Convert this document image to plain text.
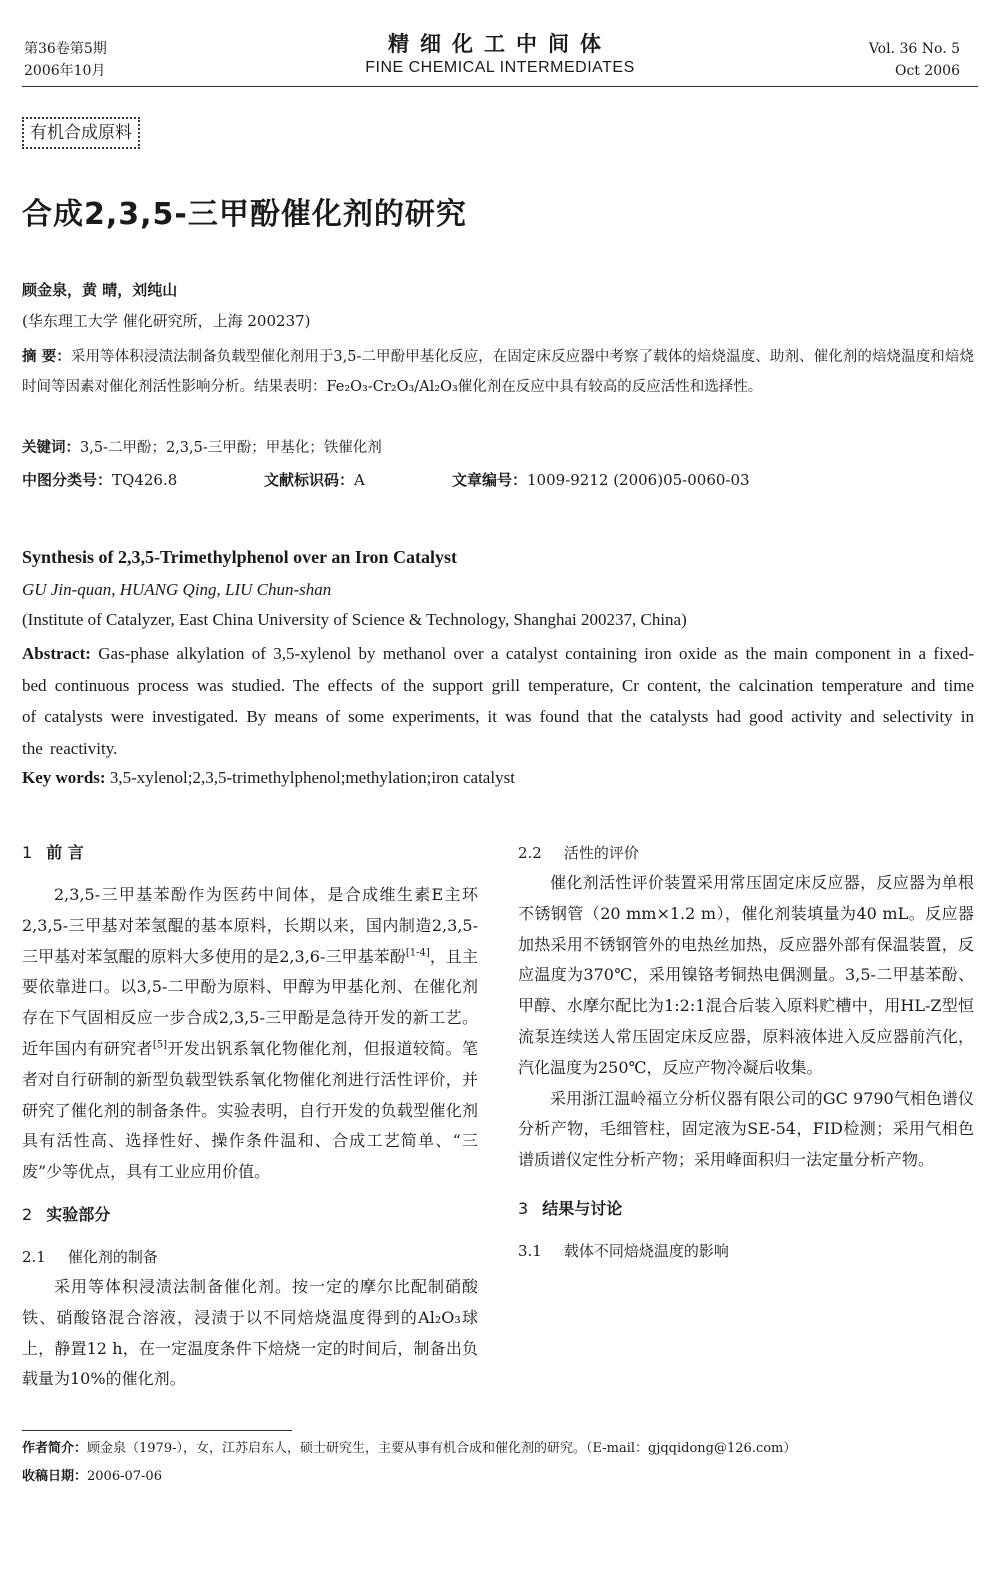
第36卷第5期
2006年10月
精细化工中间体
FINE CHEMICAL INTERMEDIATES
Vol. 36 No. 5
Oct 2006
有机合成原料
合成2,3,5-三甲酚催化剂的研究
顾金泉，黄 晴，刘纯山
(华东理工大学 催化研究所，上海 200237)
摘 要：采用等体积浸渍法制备负载型催化剂用于3,5-二甲酚甲基化反应，在固定床反应器中考察了载体的焙烧温度、助剂、催化剂的焙烧温度和焙烧时间等因素对催化剂活性影响分析。结果表明：Fe₂O₃-Cr₂O₃/Al₂O₃催化剂在反应中具有较高的反应活性和选择性。
关键词：3,5-二甲酚；2,3,5-三甲酚；甲基化；铁催化剂
中图分类号：TQ426.8	文献标识码：A	文章编号：1009-9212 (2006)05-0060-03
Synthesis of 2,3,5-Trimethylphenol over an Iron Catalyst
GU Jin-quan, HUANG Qing, LIU Chun-shan
(Institute of Catalyzer, East China University of Science & Technology, Shanghai 200237, China)
Abstract: Gas-phase alkylation of 3,5-xylenol by methanol over a catalyst containing iron oxide as the main component in a fixed-bed continuous process was studied. The effects of the support grill temperature, Cr content, the calcination temperature and time of catalysts were investigated. By means of some experiments, it was found that the catalysts had good activity and selectivity in the reactivity.
Key words: 3,5-xylenol;2,3,5-trimethylphenol;methylation;iron catalyst
1 前 言

2,3,5-三甲基苯酚作为医药中间体，是合成维生素E主环2,3,5-三甲基对苯氢醌的基本原料，长期以来，国内制造2,3,5-三甲基对苯氢醌的原料大多使用的是2,3,6-三甲基苯酚[1-4]，且主要依靠进口。以3,5-二甲酚为原料、甲醇为甲基化剂、在催化剂存在下气固相反应一步合成2,3,5-三甲酚是急待开发的新工艺。近年国内有研究者[5]开发出钒系氧化物催化剂，但报道较简。笔者对自行研制的新型负载型铁系氧化物催化剂进行活性评价，并研究了催化剂的制备条件。实验表明，自行开发的负载型催化剂具有活性高、选择性好、操作条件温和、合成工艺简单、“三废”少等优点，具有工业应用价值。

2 实验部分
2.1 催化剂的制备

采用等体积浸渍法制备催化剂。按一定的摩尔比配制硝酸铁、硝酸铬混合溶液，浸渍于以不同焙烧温度得到的Al₂O₃球上，静置12 h，在一定温度条件下焙烧一定的时间后，制备出负载量为10%的催化剂。

2.2 活性的评价

催化剂活性评价装置采用常压固定床反应器，反应器为单根不锈钢管（20 mm×1.2 m），催化剂装填量为40 mL。反应器加热采用不锈钢管外的电热丝加热，反应器外部有保温装置，反应温度为370℃，采用镍铬考铜热电偶测量。3,5-二甲基苯酚、甲醇、水摩尔配比为1:2:1混合后装入原料贮槽中，用HL-Z型恒流泵连续送人常压固定床反应器，原料液体进入反应器前汽化，汽化温度为250℃，反应产物冷凝后收集。

采用浙江温岭福立分析仪器有限公司的GC 9790气相色谱仪分析产物，毛细管柱，固定液为SE-54，FID检测；采用气相色谱质谱仪定性分析产物；采用峰面积归一法定量分析产物。

3 结果与讨论
3.1 载体不同焙烧温度的影响
作者简介：顾金泉（1979-），女，江苏启东人，硕士研究生，主要从事有机合成和催化剂的研究。（E-mail：gjqqidong@126.com）
收稿日期：2006-07-06
